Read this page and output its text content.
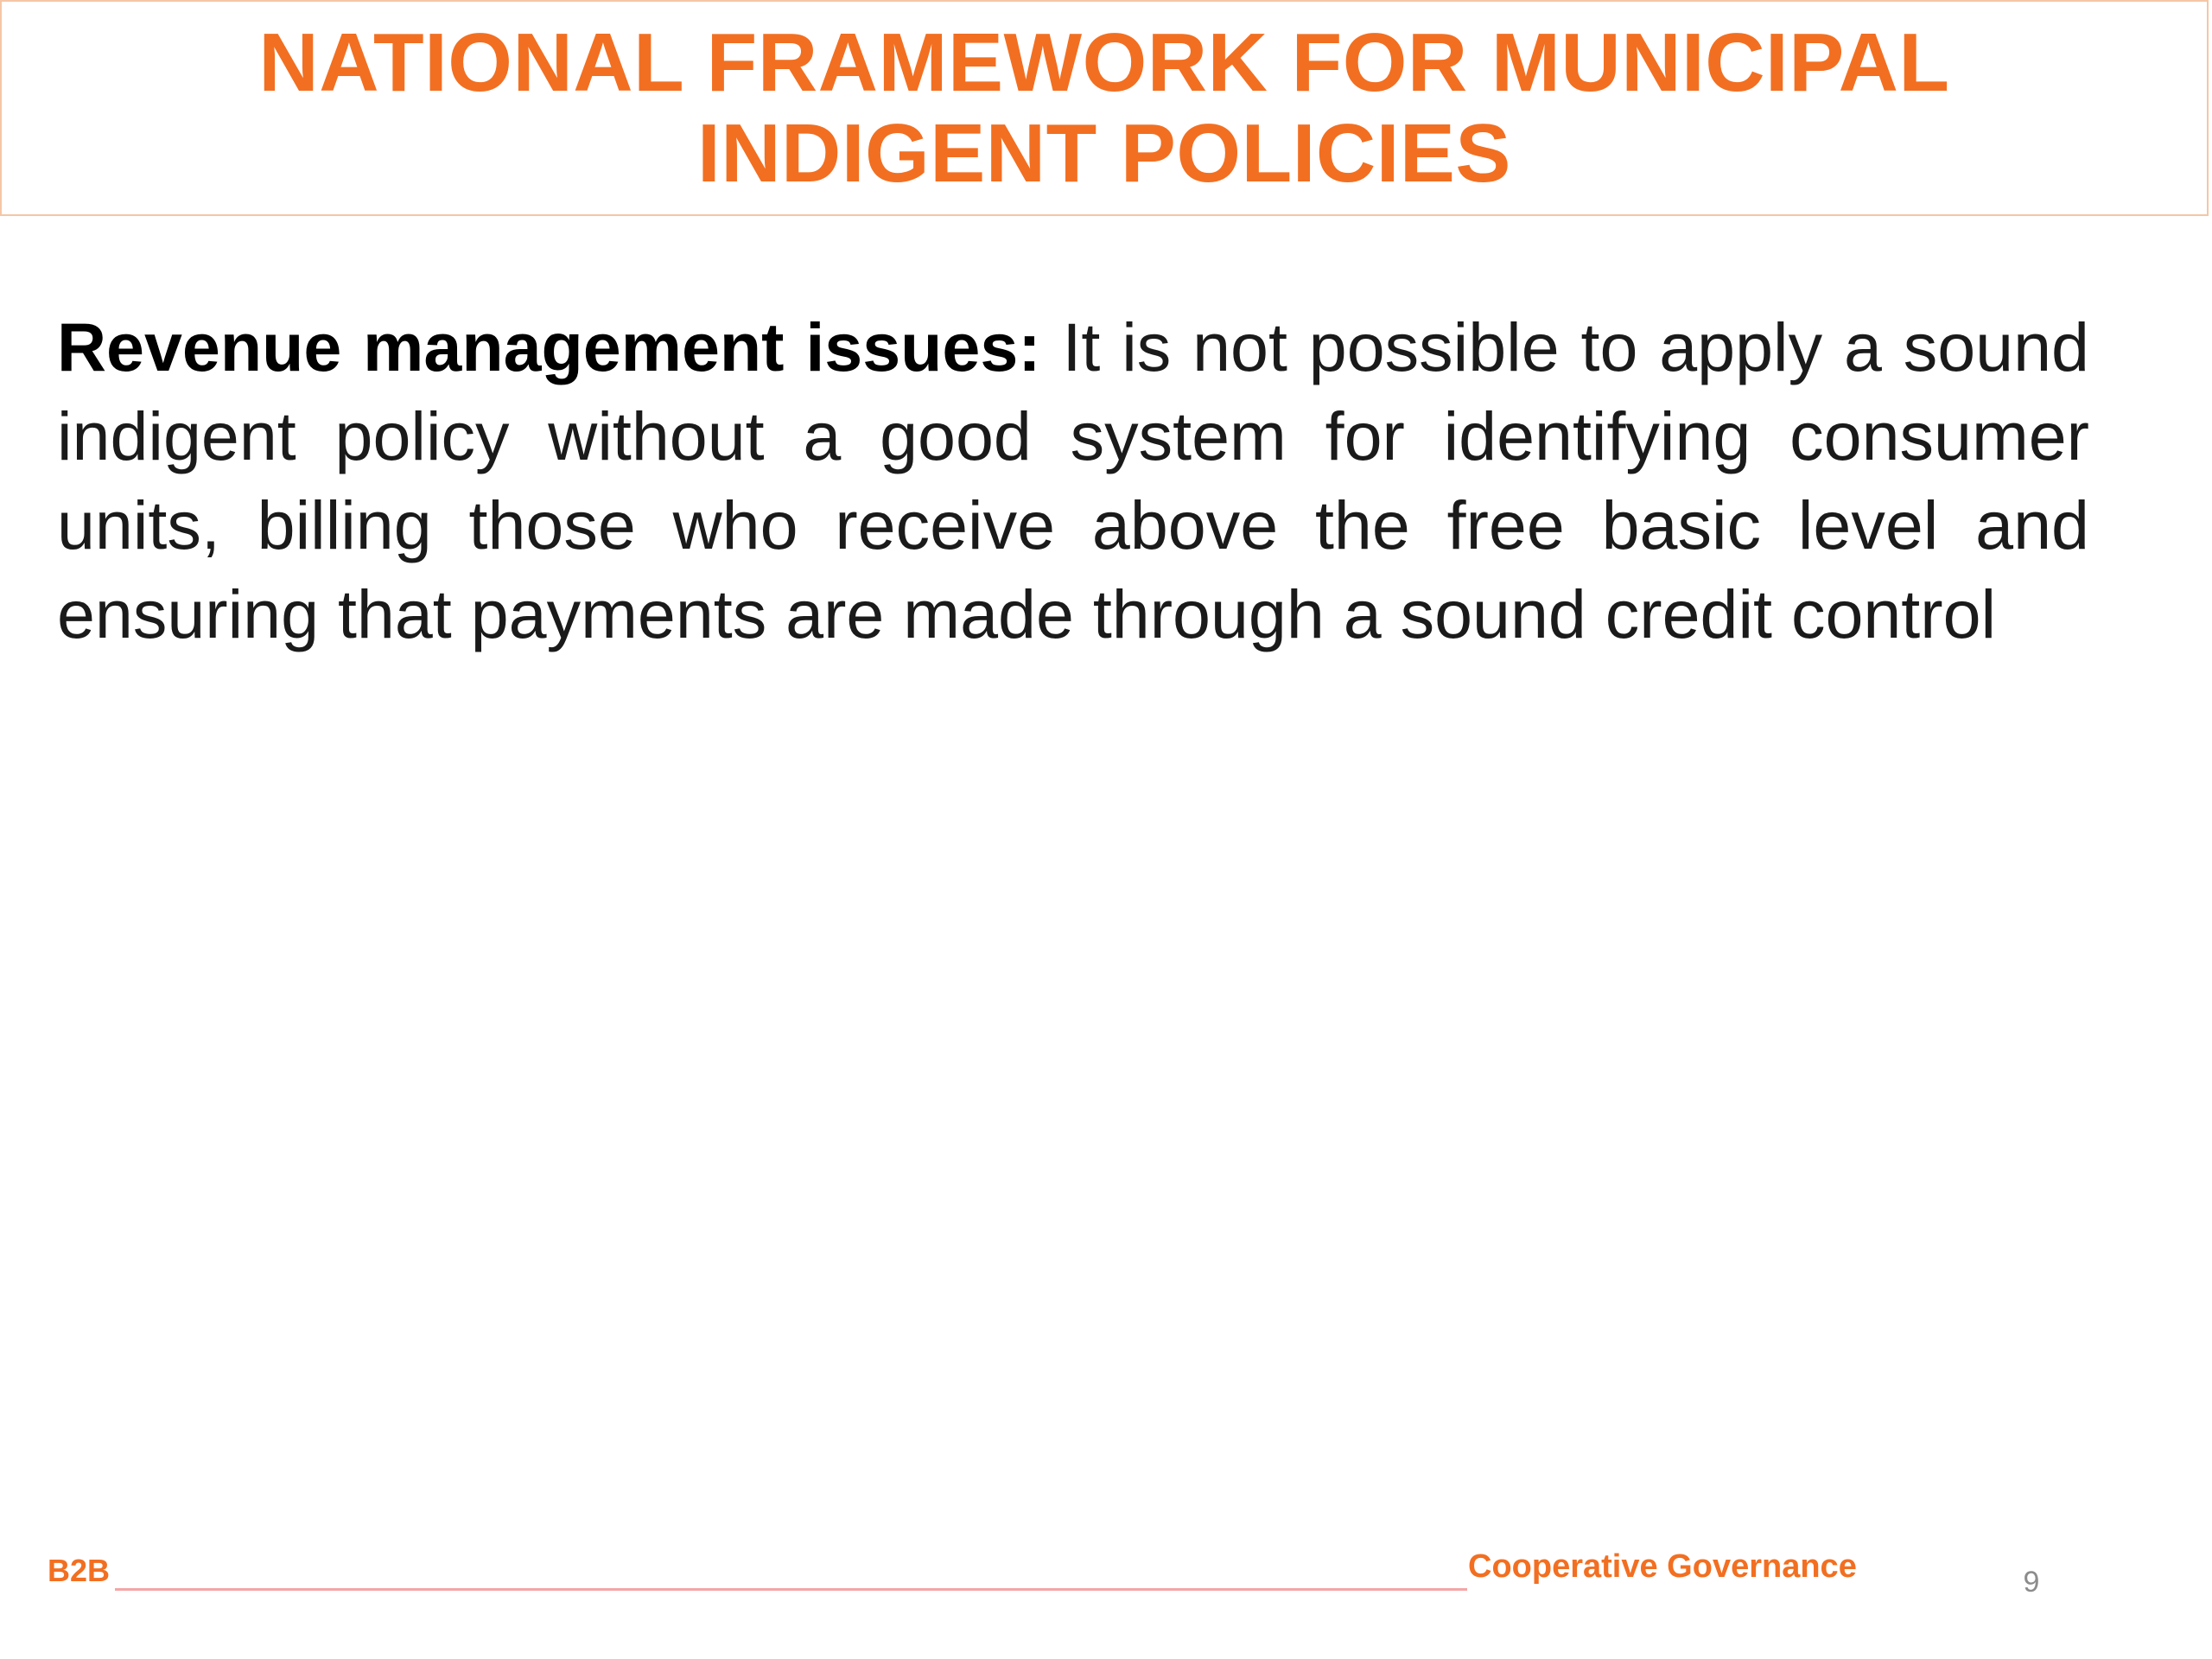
NATIONAL FRAMEWORK FOR MUNICIPAL
INDIGENT POLICIES

Revenue management issues: It is not possible to apply a sound indigent policy without a good system for identifying consumer units, billing those who receive above the free basic level and ensuring that payments are made through a sound credit control

B2B	Cooperative Governance	9
